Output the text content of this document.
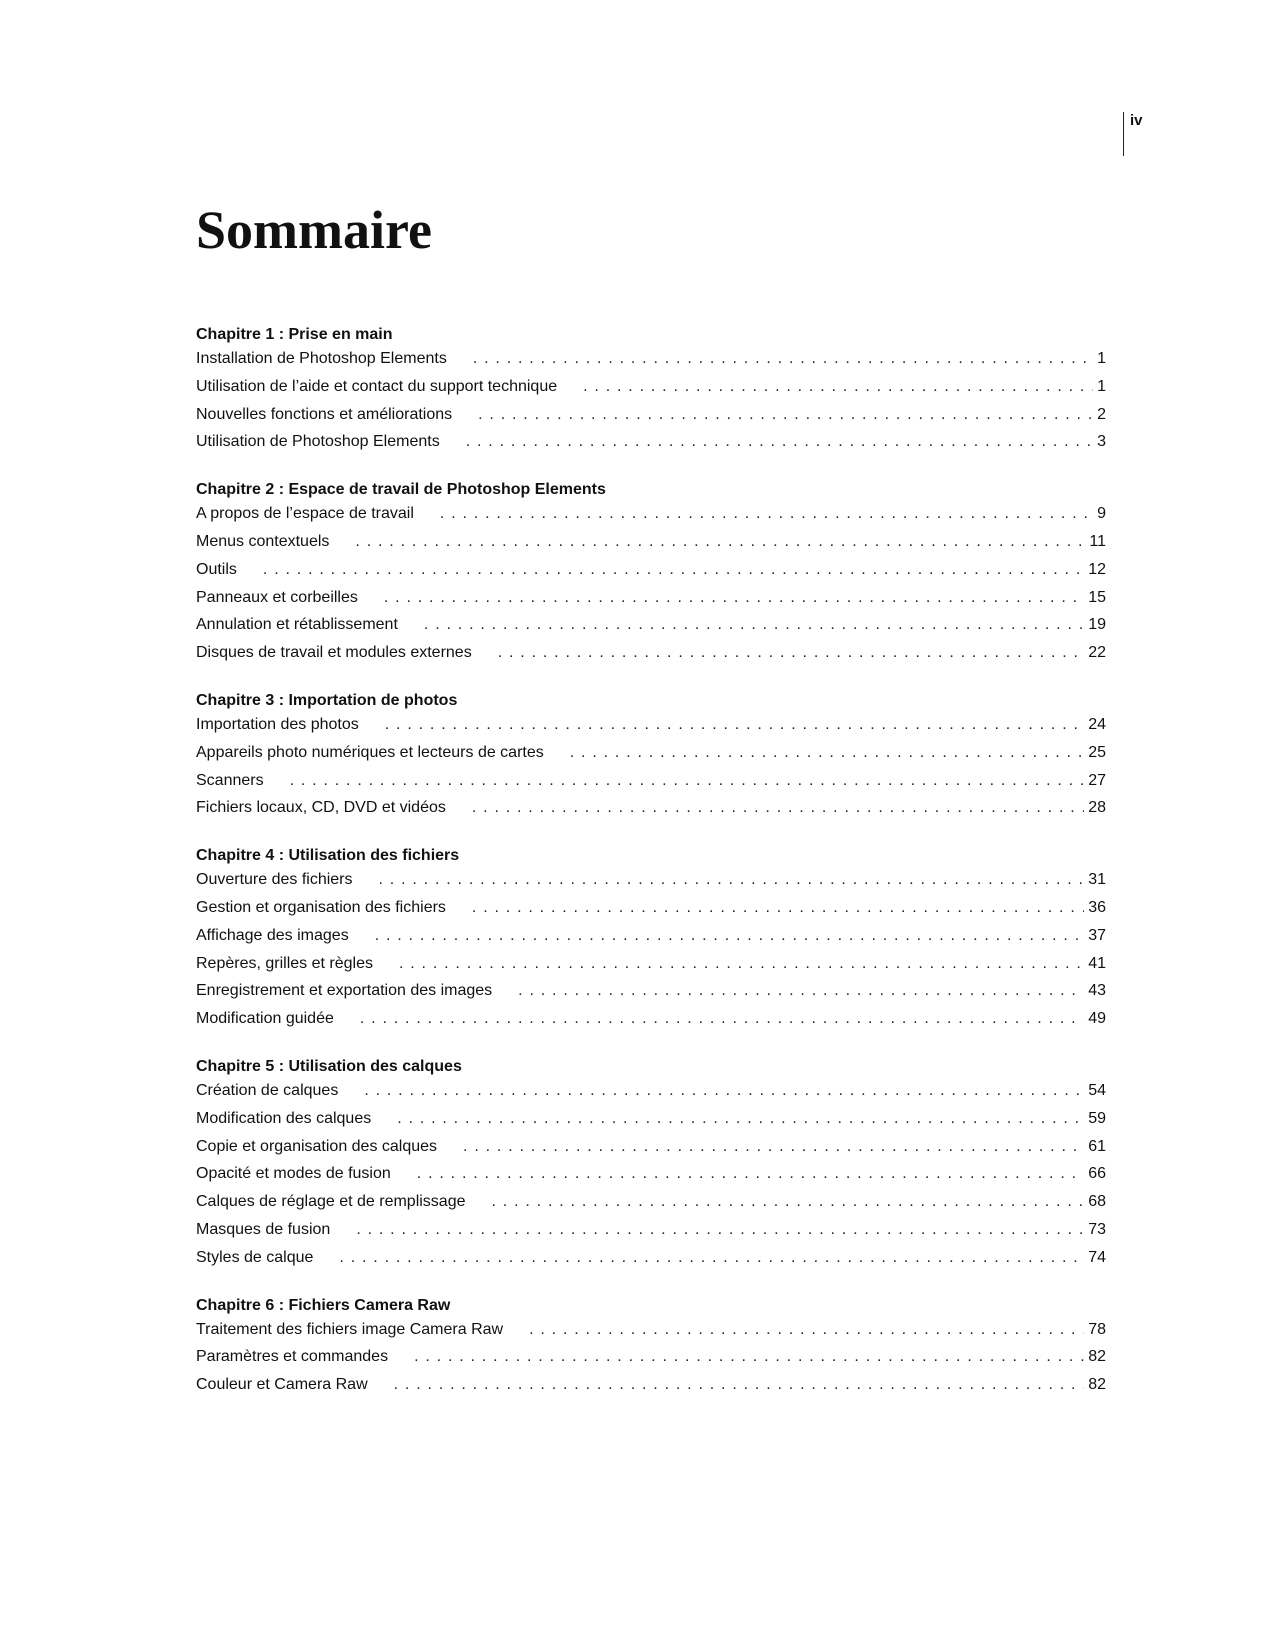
iv
Sommaire
Chapitre 1 : Prise en main
Installation de Photoshop Elements . . .	1
Utilisation de l’aide et contact du support technique . . .	1
Nouvelles fonctions et améliorations . . .	2
Utilisation de Photoshop Elements . . .	3
Chapitre 2 : Espace de travail de Photoshop Elements
A propos de l’espace de travail . . .	9
Menus contextuels . . .	11
Outils . . .	12
Panneaux et corbeilles . . .	15
Annulation et rétablissement . . .	19
Disques de travail et modules externes . . .	22
Chapitre 3 : Importation de photos
Importation des photos . . .	24
Appareils photo numériques et lecteurs de cartes . . .	25
Scanners . . .	27
Fichiers locaux, CD, DVD et vidéos . . .	28
Chapitre 4 : Utilisation des fichiers
Ouverture des fichiers . . .	31
Gestion et organisation des fichiers . . .	36
Affichage des images . . .	37
Repères, grilles et règles . . .	41
Enregistrement et exportation des images . . .	43
Modification guidée . . .	49
Chapitre 5 : Utilisation des calques
Création de calques . . .	54
Modification des calques . . .	59
Copie et organisation des calques . . .	61
Opacité et modes de fusion . . .	66
Calques de réglage et de remplissage . . .	68
Masques de fusion . . .	73
Styles de calque . . .	74
Chapitre 6 : Fichiers Camera Raw
Traitement des fichiers image Camera Raw . . .	78
Paramètres et commandes . . .	82
Couleur et Camera Raw . . .	82
